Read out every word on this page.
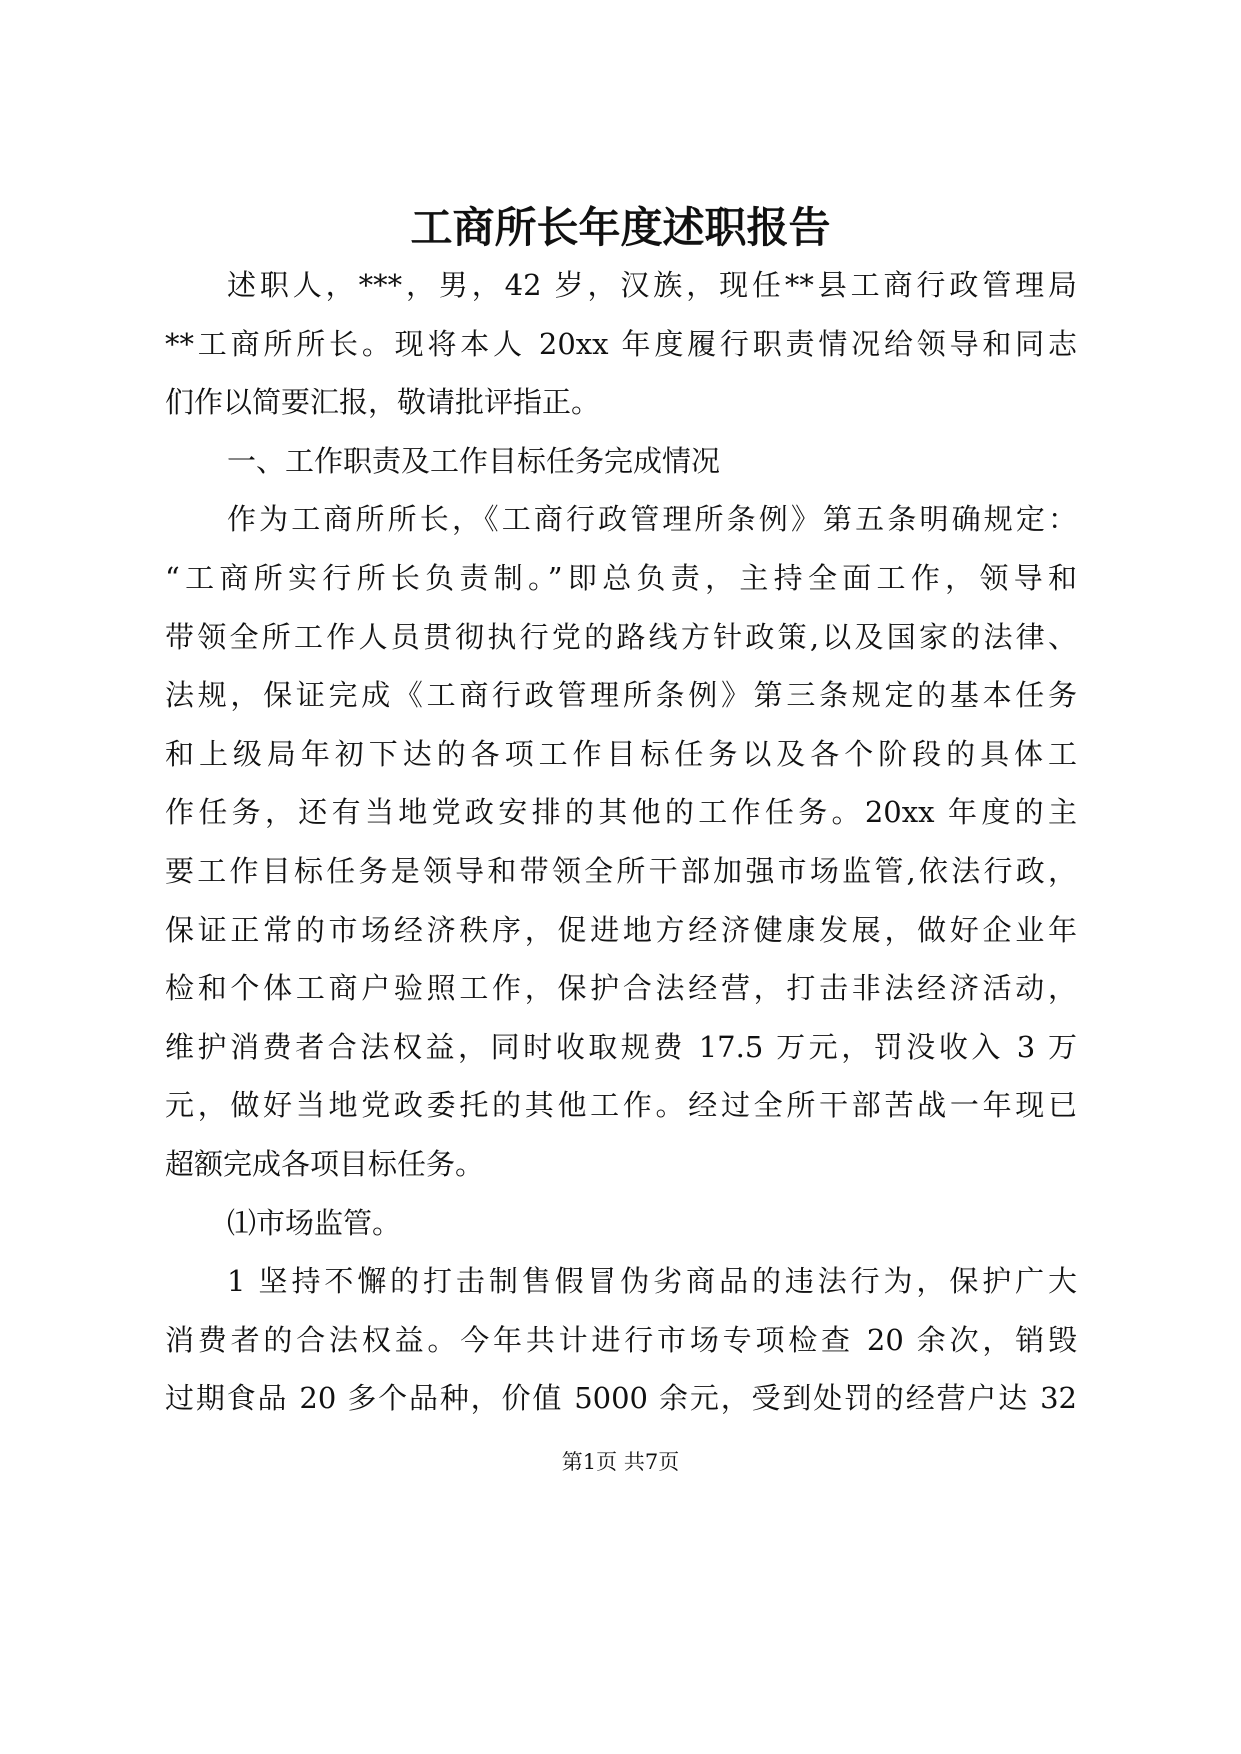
工商所长年度述职报告
述职人，***，男，42 岁，汉族，现任**县工商行政管理局
**工商所所长。现将本人 20xx 年度履行职责情况给领导和同志
们作以简要汇报，敬请批评指正。
一、工作职责及工作目标任务完成情况
作为工商所所长，《工商行政管理所条例》第五条明确规定：
“工商所实行所长负责制。”即总负责，主持全面工作，领导和
带领全所工作人员贯彻执行党的路线方针政策,以及国家的法律、
法规，保证完成《工商行政管理所条例》第三条规定的基本任务
和上级局年初下达的各项工作目标任务以及各个阶段的具体工
作任务，还有当地党政安排的其他的工作任务。20xx 年度的主
要工作目标任务是领导和带领全所干部加强市场监管,依法行政，
保证正常的市场经济秩序，促进地方经济健康发展，做好企业年
检和个体工商户验照工作，保护合法经营，打击非法经济活动，
维护消费者合法权益，同时收取规费 17.5 万元，罚没收入 3 万
元，做好当地党政委托的其他工作。经过全所干部苦战一年现已
超额完成各项目标任务。
⑴市场监管。
1 坚持不懈的打击制售假冒伪劣商品的违法行为，保护广大
消费者的合法权益。今年共计进行市场专项检查 20 余次，销毁
过期食品 20 多个品种，价值 5000 余元，受到处罚的经营户达 32
第1页 共7页
